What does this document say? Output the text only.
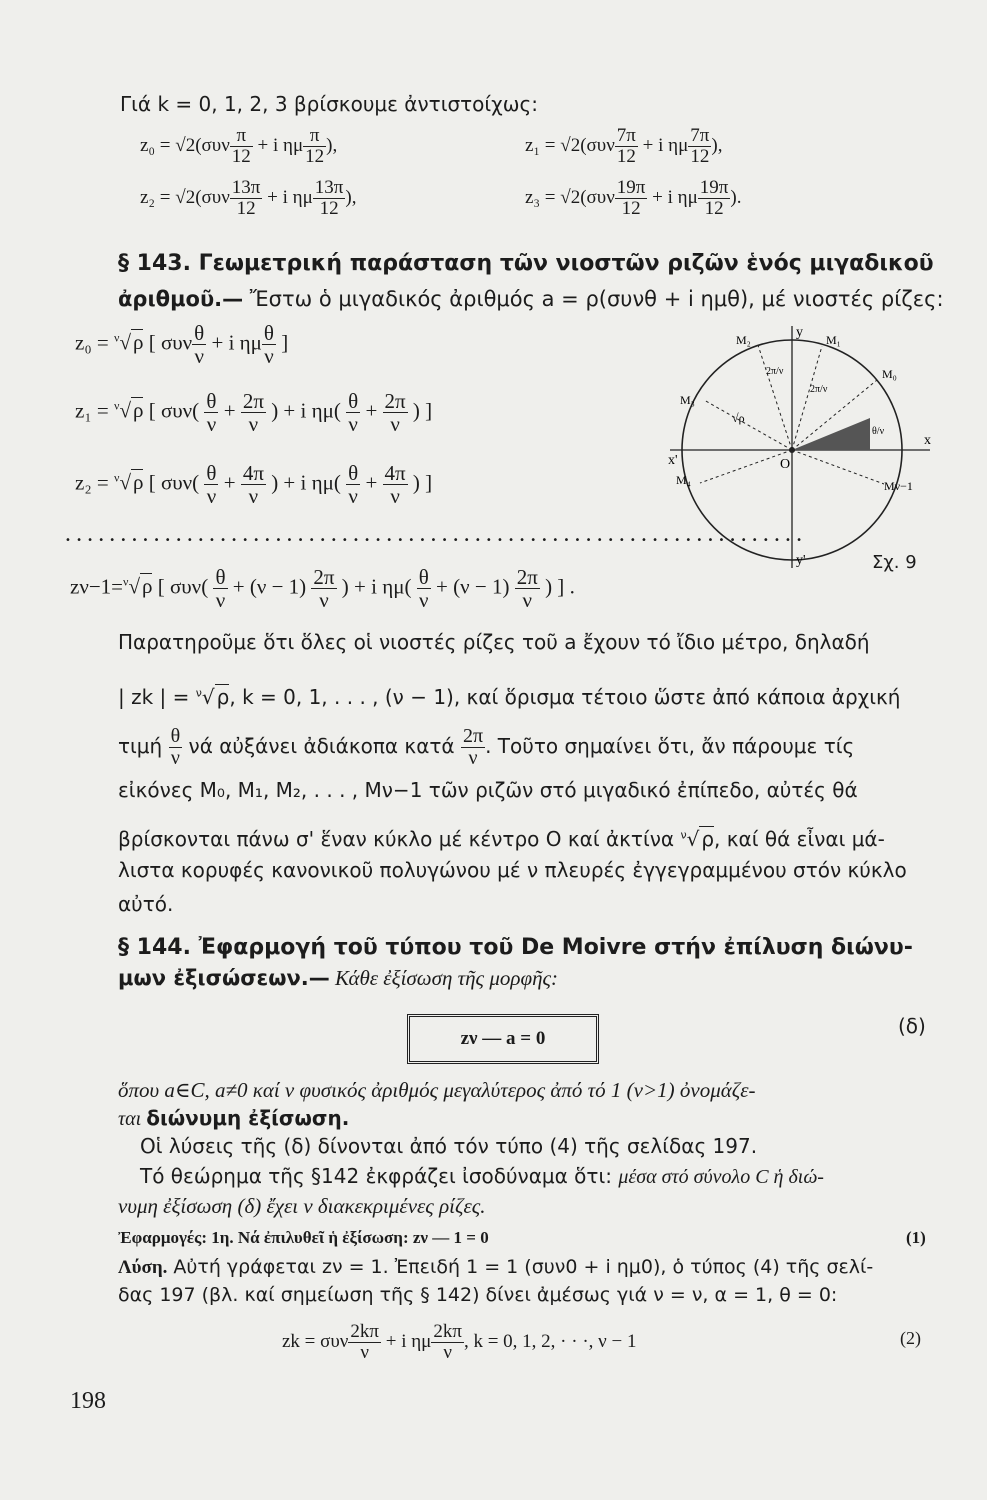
Γιά k = 0, 1, 2, 3 βρίσκουμε ἀντιστοίχως:
$z_0 = √2(\sigma\upsilon\nu \frac{\pi}{12} + i$ ημ $\frac{\pi}{12}$ ),	$z_1 = √2(\sigma\upsilon\nu \frac{7\pi}{12} + i$ ημ $\frac{7\pi}{12}$ ),
$z_2 = √2(\sigma\upsilon\nu \frac{13\pi}{12} + i$ ημ $\frac{13\pi}{12}$ ),	$z_3 = √2(\sigma\upsilon\nu \frac{19\pi}{12} + i$ ημ $\frac{19\pi}{12}$ ).
§ 143. Γεωμετρική παράσταση τῶν νιοστῶν ριζῶν ἑνός μιγαδικοῦ
ἀριθμοῦ.— Ἔστω ὁ μιγαδικός ἀριθμός a = ρ(συνθ + i ημθ), μέ νιοστές ρίζες:
z₀ = $^\nu$√ρ [ συν $\frac{\theta}{\nu} + i$ ημ $\frac{\theta}{\nu}$ ]
z₁ = $^\nu$√ρ [ $\sigma\upsilon\nu( \frac{\theta}{\nu} + \frac{2\pi}{\nu}$ ) + i $\eta\mu( \frac{\theta}{\nu} + \frac{2\pi}{\nu}$ ) ]
z₂ = $^\nu$√ρ [ $\sigma\upsilon\nu( \frac{\theta}{\nu} + \frac{4\pi}{\nu}$ ) + i $\eta\mu( \frac{\theta}{\nu} + \frac{4\pi}{\nu}$ ) ]
• • • • • • • • • • • • • • • • • • • • • • • • • • • • • • • • • • • • • • • • • • • • • • • • • • • • • • • • • • • • • • • • • • •
zν−1=$^\nu$√ρ [ $\sigma\upsilon\nu( \frac{\theta}{\nu} + (\nu - 1) \frac{2\pi}{\nu}$ ) + i $\eta\mu( \frac{\theta}{\nu} + (\nu - 1) \frac{2\pi}{\nu}$ ) ] .
M₀
M₁
M₂
M₃
M₄	Mν−1
x
x'
y
y'
O
√ρ
2π/ν
2π/ν
θ/ν
Σχ. 9
Παρατηροῦμε ὅτι ὅλες οἱ νιοστές ρίζες τοῦ a ἔχουν τό ἴδιο μέτρο, δηλαδή
| zk | = $^\nu$√ ρ, k = 0, 1, . . . , (ν − 1), καί ὅρισμα τέτοιο ὥστε ἀπό κάποια ἀρχική
τιμή $\frac{\theta}{\nu}$ νά αὐξάνει ἀδιάκοπα κατά $\frac{2\pi}{\nu}$ . Τοῦτο σημαίνει ὅτι, ἄν πάρουμε τίς
εἰκόνες M₀, M₁, M₂, . . . , Mν−1 τῶν ριζῶν στό μιγαδικό ἐπίπεδο, αὐτές θά
βρίσκονται πάνω σ' ἕναν κύκλο μέ κέντρο O καί ἀκτίνα $^\nu$√ ρ, καί θά εἶναι μά-
λιστα κορυφές κανονικοῦ πολυγώνου μέ ν πλευρές ἐγγεγραμμένου στόν κύκλο
αὐτό.
§ 144. Ἐφαρμογή τοῦ τύπου τοῦ De Moivre στήν ἐπίλυση διώνυ-
μων ἐξισώσεων.— Κάθε ἐξίσωση τῆς μορφῆς:
zν — a = 0
(δ)
ὅπου a∈C, a≠0 καί ν φυσικός ἀριθμός μεγαλύτερος ἀπό τό 1 (ν>1) ὀνομάζε-
ται διώνυμη ἐξίσωση.
Οἱ λύσεις τῆς (δ) δίνονται ἀπό τόν τύπο (4) τῆς σελίδας 197.
Τό θεώρημα τῆς §142 ἐκφράζει ἰσοδύναμα ὅτι: μέσα στό σύνολο C ἡ διώ-
νυμη ἐξίσωση (δ) ἔχει ν διακεκριμένες ρίζες.
Ἐφαρμογές: 1η. Νά ἐπιλυθεῖ ἡ ἐξίσωση: zν — 1 = 0	(1)
Λύση. Αὐτή γράφεται zν = 1. Ἐπειδή 1 = 1 (συν0 + i ημ0), ὁ τύπος (4) τῆς σελί-
δας 197 (βλ. καί σημείωση τῆς § 142) δίνει ἀμέσως γιά ν = ν, α = 1, θ = 0:
zk = συν $\frac{2k\pi}{\nu} + i$ ημ $\frac{2k\pi}{\nu}$ , k = 0, 1, 2, · · ·, ν − 1	(2)
198
